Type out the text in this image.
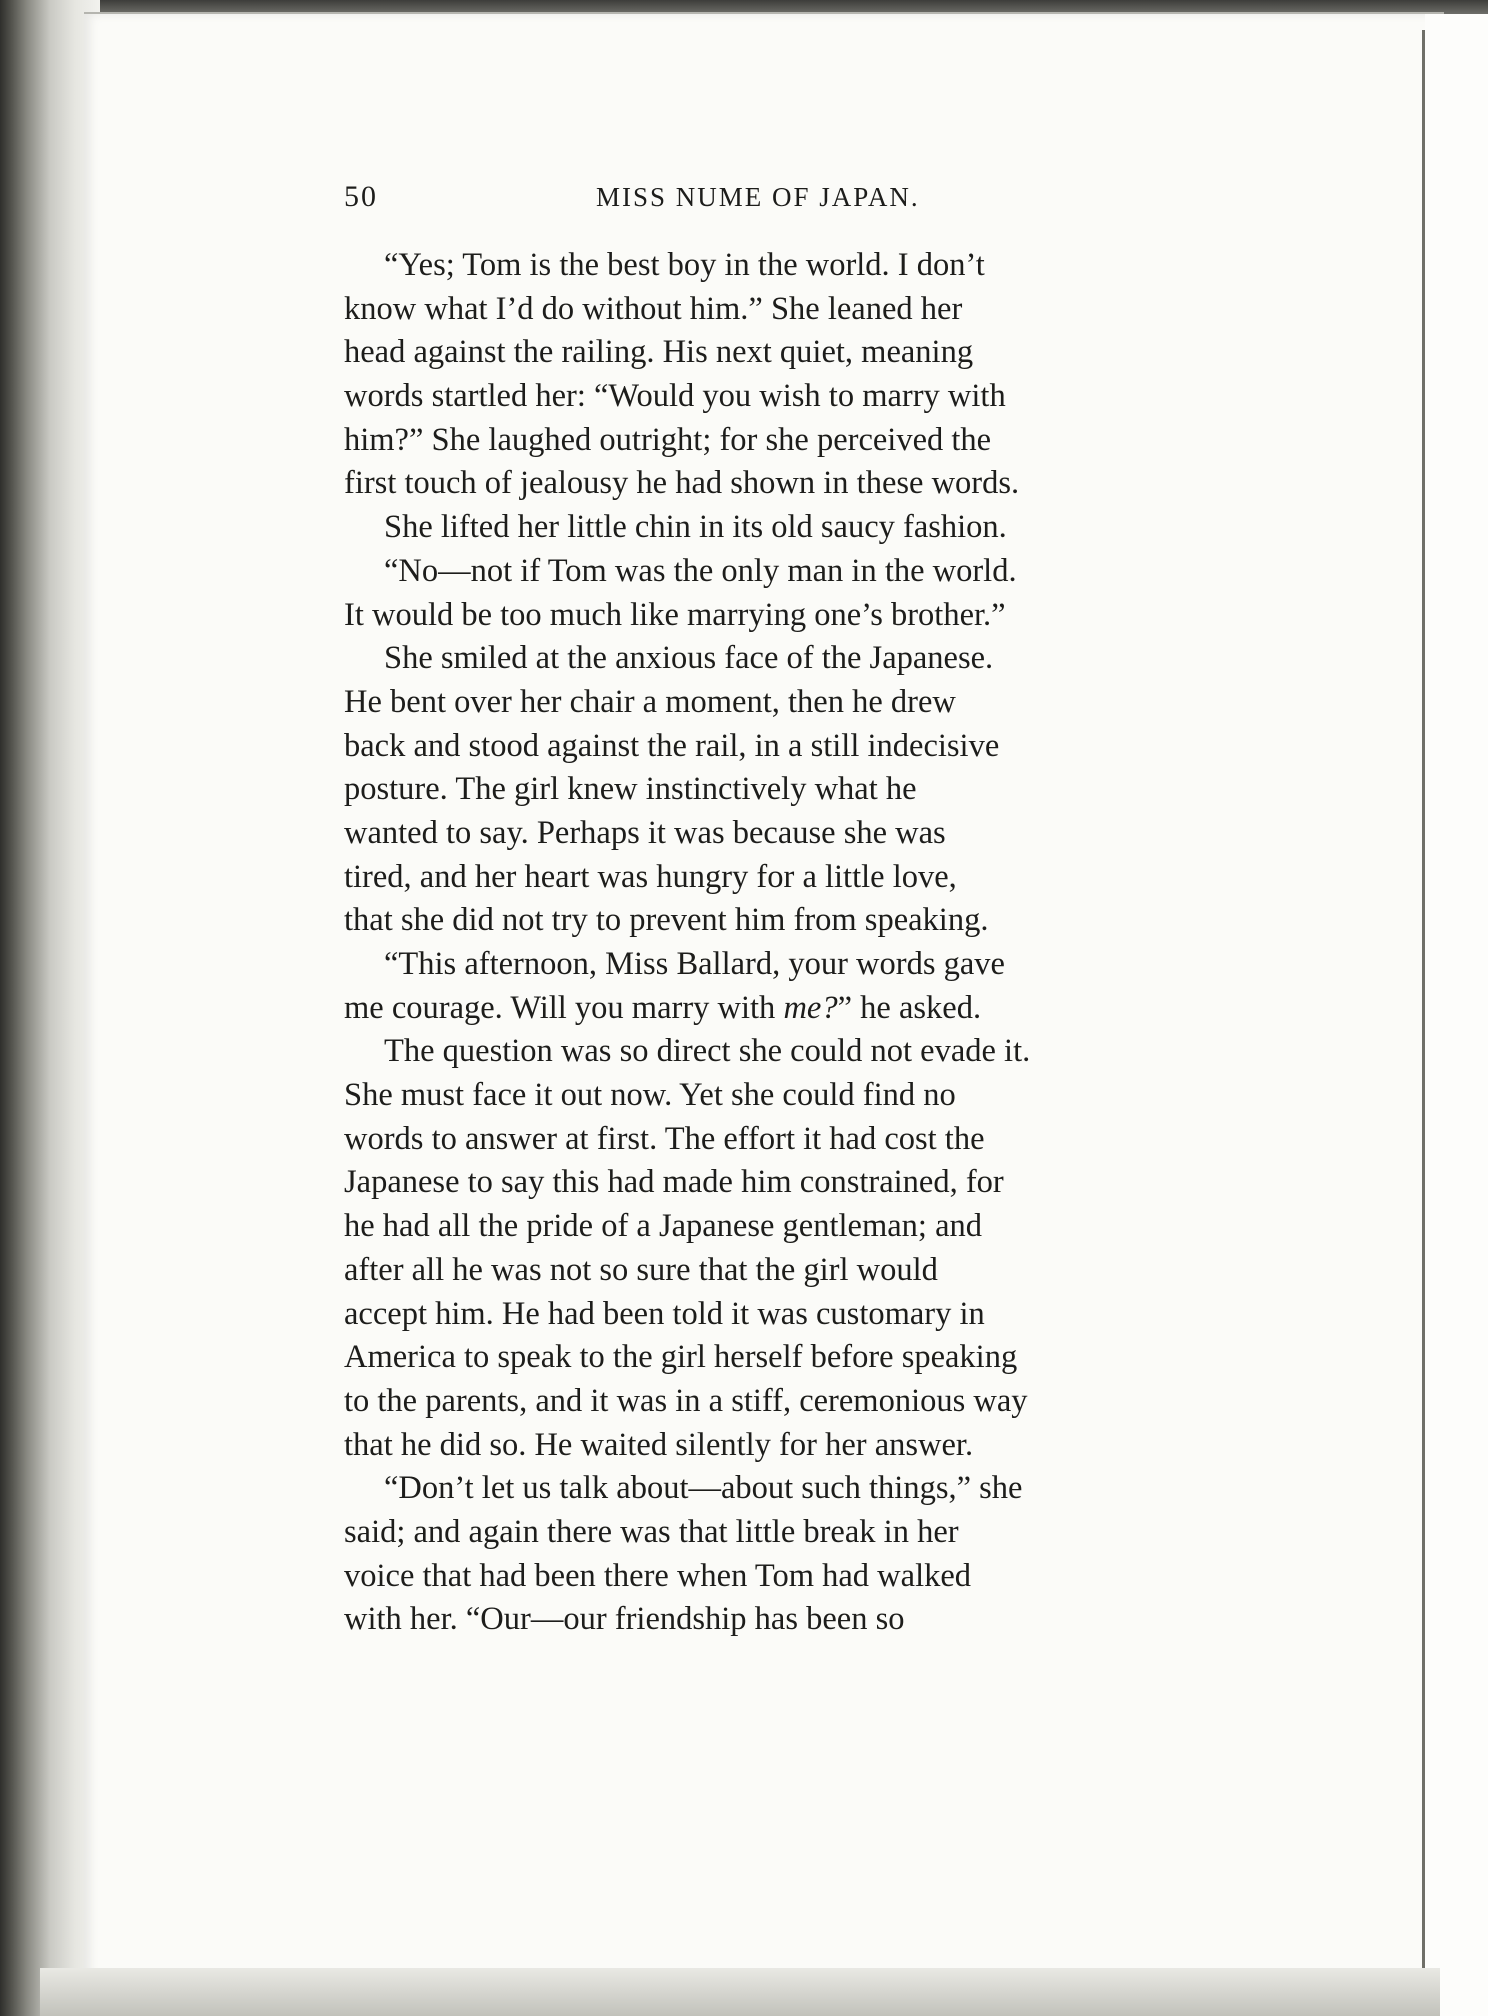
50	MISS NUME OF JAPAN.
“Yes; Tom is the best boy in the world. I don’t
know what I’d do without him.” She leaned her
head against the railing. His next quiet, meaning
words startled her: “Would you wish to marry with
him?” She laughed outright; for she perceived the
first touch of jealousy he had shown in these words.
She lifted her little chin in its old saucy fashion.
“No—not if Tom was the only man in the world.
It would be too much like marrying one’s brother.”
She smiled at the anxious face of the Japanese.
He bent over her chair a moment, then he drew
back and stood against the rail, in a still indecisive
posture. The girl knew instinctively what he
wanted to say. Perhaps it was because she was
tired, and her heart was hungry for a little love,
that she did not try to prevent him from speaking.
“This afternoon, Miss Ballard, your words gave
me courage. Will you marry with
me? ” he asked.
The question was so direct she could not evade it.
She must face it out now. Yet she could find no
words to answer at first. The effort it had cost the
Japanese to say this had made him constrained, for
he had all the pride of a Japanese gentleman; and
after all he was not so sure that the girl would
accept him. He had been told it was customary in
America to speak to the girl herself before speaking
to the parents, and it was in a stiff, ceremonious way
that he did so. He waited silently for her answer.
“Don’t let us talk about—about such things,” she
said; and again there was that little break in her
voice that had been there when Tom had walked
with her. “Our—our friendship has been so
